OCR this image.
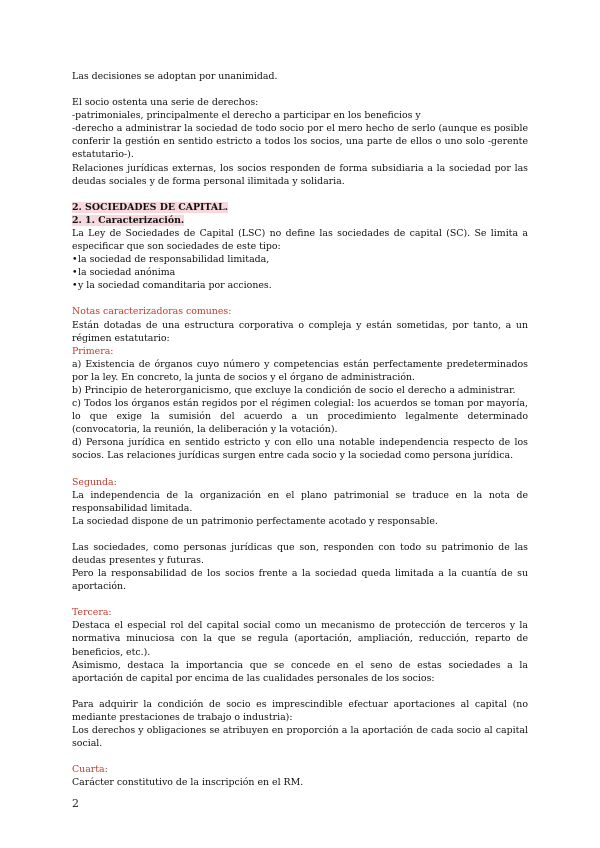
Las decisiones se adoptan por unanimidad.

El socio ostenta una serie de derechos:

-patrimoniales, principalmente el derecho a participar en los beneficios y

-derecho a administrar la sociedad de todo socio por el mero hecho de serlo (aunque es posible conferir la gestión en sentido estricto a todos los socios, una parte de ellos o uno solo -gerente estatutario-).

Relaciones jurídicas externas, los socios responden de forma subsidiaria a la sociedad por las deudas sociales y de forma personal ilimitada y solidaria.

2. SOCIEDADES DE CAPITAL.

2. 1. Caracterización.

La Ley de Sociedades de Capital (LSC) no define las sociedades de capital (SC). Se limita a especificar que son sociedades de este tipo:

• la sociedad de responsabilidad limitada,
• la sociedad anónima
• y la sociedad comanditaria por acciones.

Notas caracterizadoras comunes:

Están dotadas de una estructura corporativa o compleja y están sometidas, por tanto, a un régimen estatutario:

Primera:

a) Existencia de órganos cuyo número y competencias están perfectamente predeterminados por la ley. En concreto, la junta de socios y el órgano de administración.

b) Principio de heterorganicismo, que excluye la condición de socio el derecho a administrar.

c) Todos los órganos están regidos por el régimen colegial: los acuerdos se toman por mayoría, lo que exige la sumisión del acuerdo a un procedimiento legalmente determinado (convocatoria, la reunión, la deliberación y la votación).

d) Persona jurídica en sentido estricto y con ello una notable independencia respecto de los socios. Las relaciones jurídicas surgen entre cada socio y la sociedad como persona jurídica.

Segunda:

La independencia de la organización en el plano patrimonial se traduce en la nota de responsabilidad limitada.

La sociedad dispone de un patrimonio perfectamente acotado y responsable.

Las sociedades, como personas jurídicas que son, responden con todo su patrimonio de las deudas presentes y futuras.

Pero la responsabilidad de los socios frente a la sociedad queda limitada a la cuantía de su aportación.

Tercera:

Destaca el especial rol del capital social como un mecanismo de protección de terceros y la normativa minuciosa con la que se regula (aportación, ampliación, reducción, reparto de beneficios, etc.).

Asimismo, destaca la importancia que se concede en el seno de estas sociedades a la aportación de capital por encima de las cualidades personales de los socios:

Para adquirir la condición de socio es imprescindible efectuar aportaciones al capital (no mediante prestaciones de trabajo o industria):

Los derechos y obligaciones se atribuyen en proporción a la aportación de cada socio al capital social.

Cuarta:

Carácter constitutivo de la inscripción en el RM.

2
